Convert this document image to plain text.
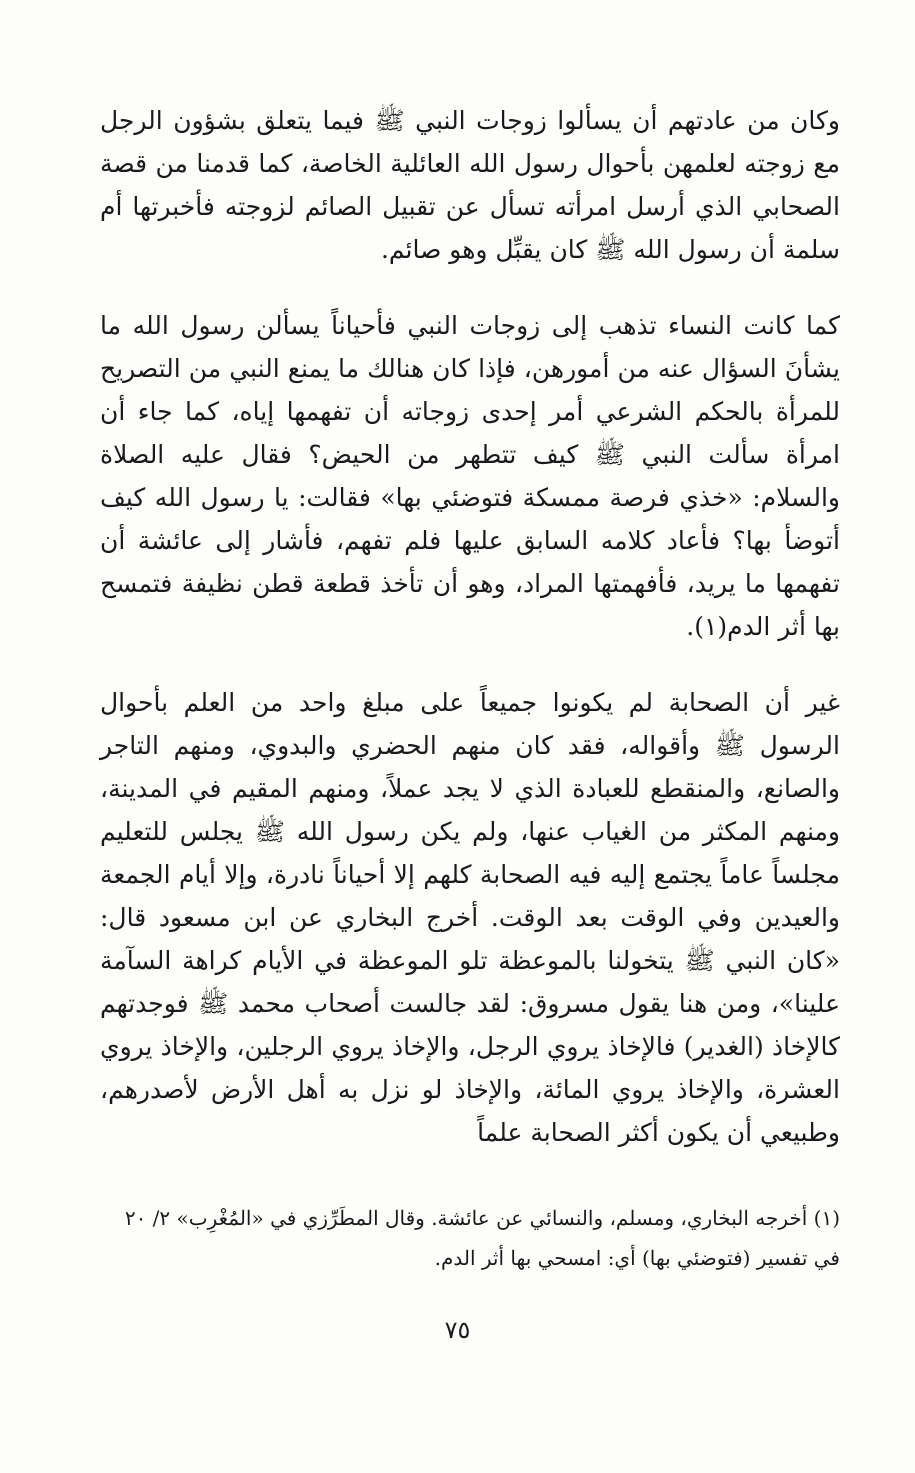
وكان من عادتهم أن يسألوا زوجات النبي ﷺ فيما يتعلق بشؤون الرجل مع زوجته لعلمهن بأحوال رسول الله العائلية الخاصة، كما قدمنا من قصة الصحابي الذي أرسل امرأته تسأل عن تقبيل الصائم لزوجته فأخبرتها أم سلمة أن رسول الله ﷺ كان يقبِّل وهو صائم.

كما كانت النساء تذهب إلى زوجات النبي فأحياناً يسألن رسول الله ما يشأنَ السؤال عنه من أمورهن، فإذا كان هنالك ما يمنع النبي من التصريح للمرأة بالحكم الشرعي أمر إحدى زوجاته أن تفهمها إياه، كما جاء أن امرأة سألت النبي ﷺ كيف تتطهر من الحيض؟ فقال عليه الصلاة والسلام: «خذي فرصة ممسكة فتوضئي بها» فقالت: يا رسول الله كيف أتوضأ بها؟ فأعاد كلامه السابق عليها فلم تفهم، فأشار إلى عائشة أن تفهمها ما يريد، فأفهمتها المراد، وهو أن تأخذ قطعة قطن نظيفة فتمسح بها أثر الدم(١).

غير أن الصحابة لم يكونوا جميعاً على مبلغ واحد من العلم بأحوال الرسول ﷺ وأقواله، فقد كان منهم الحضري والبدوي، ومنهم التاجر والصانع، والمنقطع للعبادة الذي لا يجد عملاً، ومنهم المقيم في المدينة، ومنهم المكثر من الغياب عنها، ولم يكن رسول الله ﷺ يجلس للتعليم مجلساً عاماً يجتمع إليه فيه الصحابة كلهم إلا أحياناً نادرة، وإلا أيام الجمعة والعيدين وفي الوقت بعد الوقت. أخرج البخاري عن ابن مسعود قال: «كان النبي ﷺ يتخولنا بالموعظة تلو الموعظة في الأيام كراهة السآمة علينا»، ومن هنا يقول مسروق: لقد جالست أصحاب محمد ﷺ فوجدتهم كالإخاذ (الغدير) فالإخاذ يروي الرجل، والإخاذ يروي الرجلين، والإخاذ يروي العشرة، والإخاذ يروي المائة، والإخاذ لو نزل به أهل الأرض لأصدرهم، وطبيعي أن يكون أكثر الصحابة علماً

(١) أخرجه البخاري، ومسلم، والنسائي عن عائشة. وقال المطَرِّزي في «المُغْرِب» ٢/ ٢٠
في تفسير (فتوضئي بها) أي: امسحي بها أثر الدم.
٧٥
